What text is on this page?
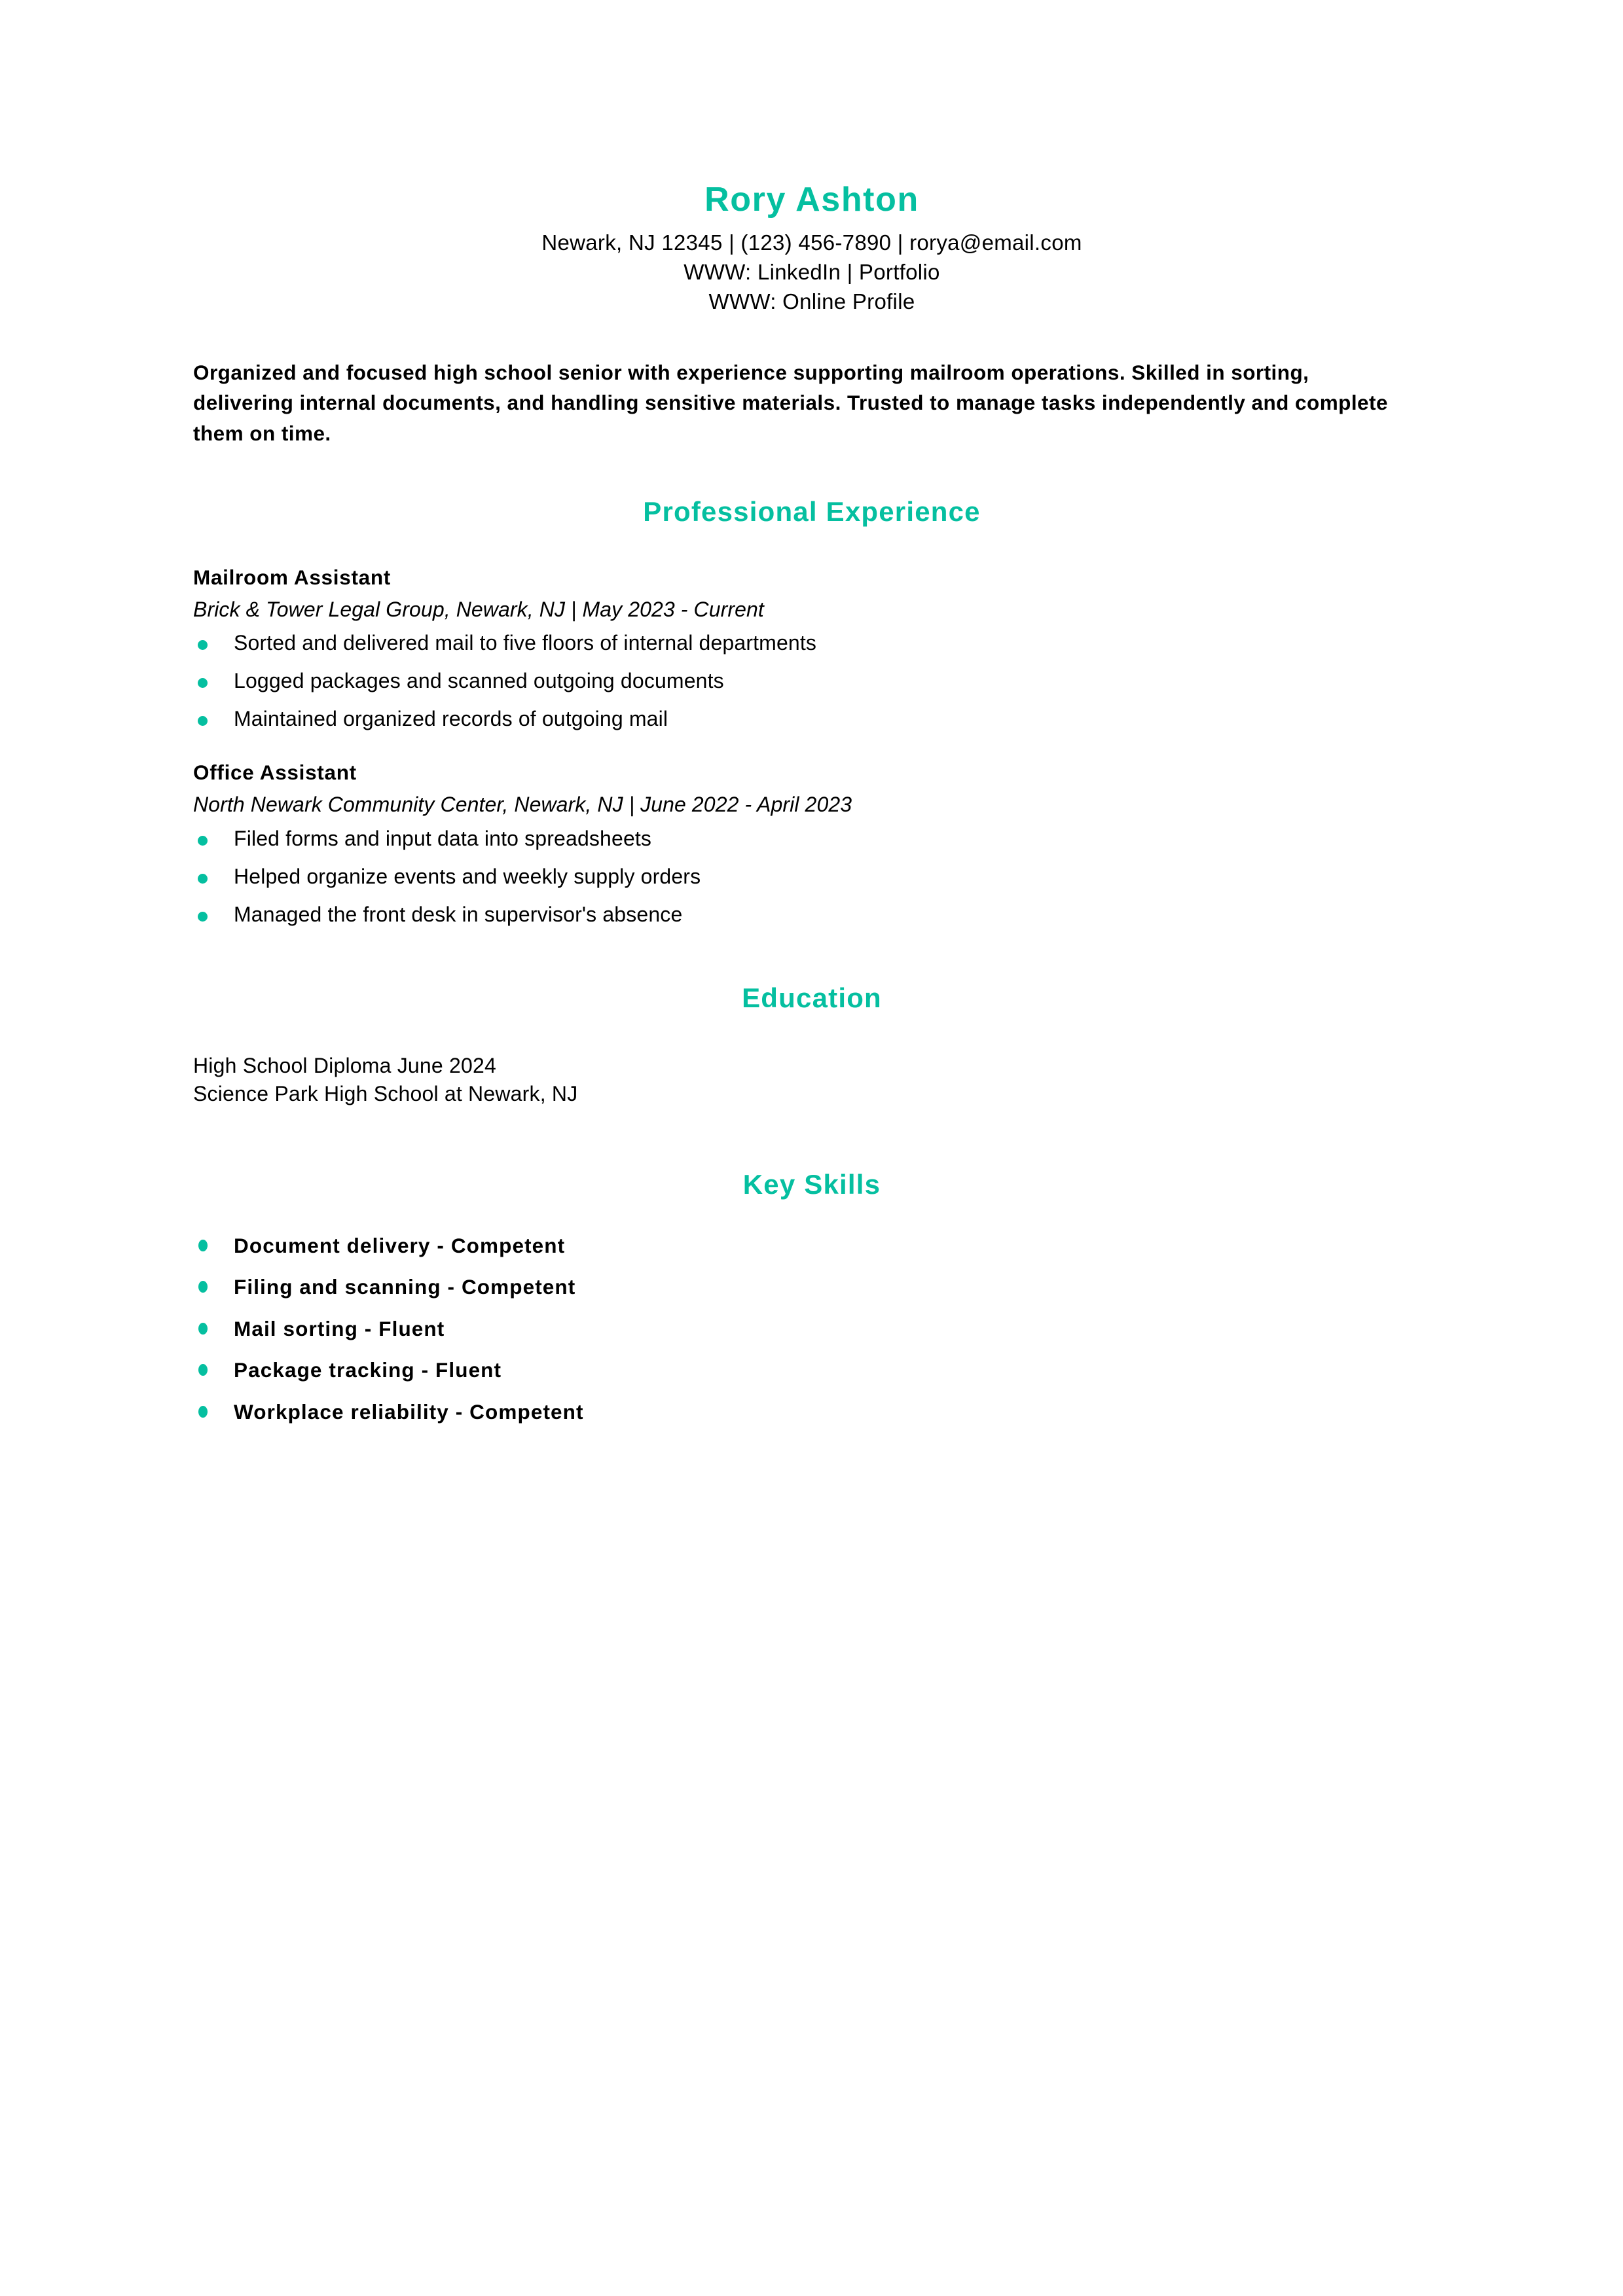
Rory Ashton

Newark, NJ 12345 | (123) 456-7890 | rorya@email.com

WWW: LinkedIn | Portfolio

WWW: Online Profile

Organized and focused high school senior with experience supporting mailroom operations. Skilled in sorting, delivering internal documents, and handling sensitive materials. Trusted to manage tasks independently and complete them on time.

Professional Experience
Mailroom Assistant
Brick & Tower Legal Group, Newark, NJ | May 2023 - Current
Sorted and delivered mail to five floors of internal departments
Logged packages and scanned outgoing documents
Maintained organized records of outgoing mail
Office Assistant
North Newark Community Center, Newark, NJ | June 2022 - April 2023
Filed forms and input data into spreadsheets
Helped organize events and weekly supply orders
Managed the front desk in supervisor's absence
Education
High School Diploma June 2024
Science Park High School at Newark, NJ
Key Skills
Document delivery - Competent
Filing and scanning - Competent
Mail sorting - Fluent
Package tracking - Fluent
Workplace reliability - Competent
